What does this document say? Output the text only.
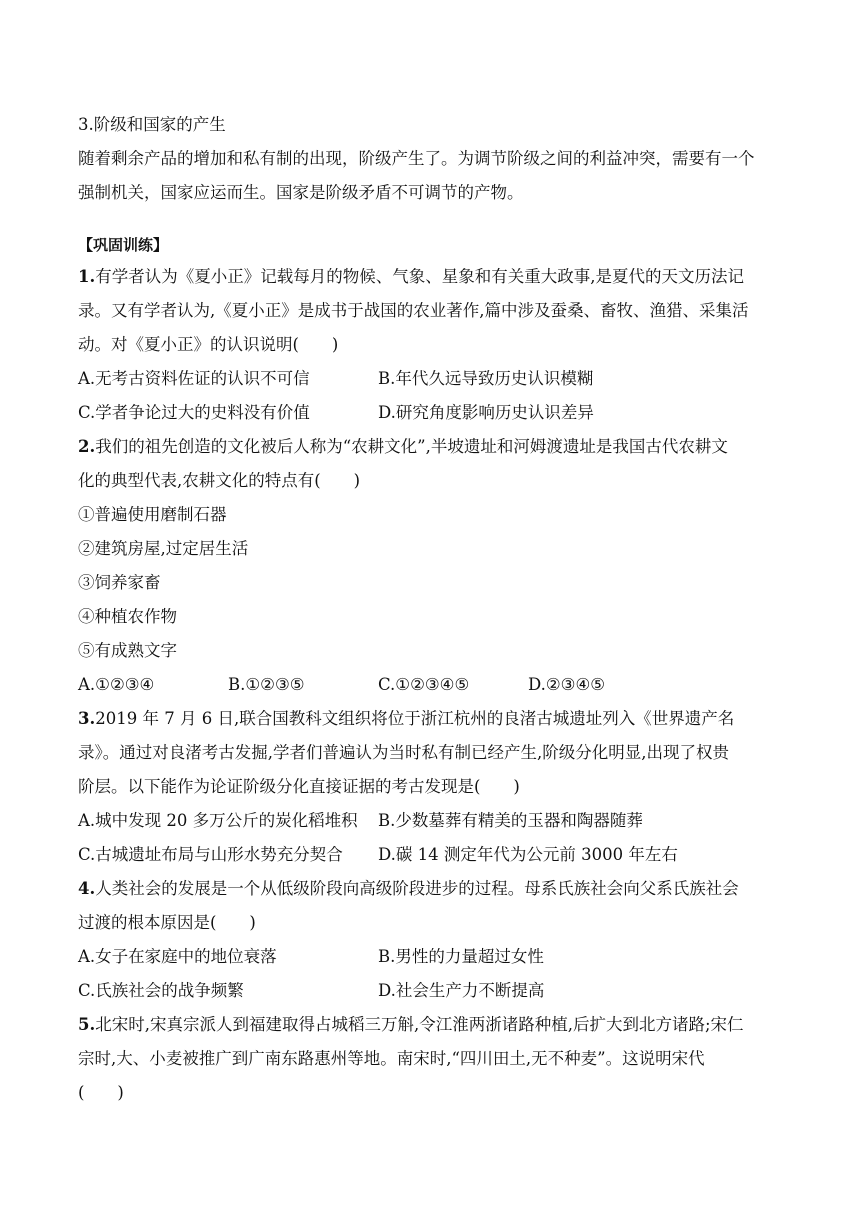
3.阶级和国家的产生
随着剩余产品的增加和私有制的出现，阶级产生了。为调节阶级之间的利益冲突，需要有一个
强制机关，国家应运而生。国家是阶级矛盾不可调节的产物。
【巩固训练】
1.有学者认为《夏小正》记载每月的物候、气象、星象和有关重大政事,是夏代的天文历法记
录。又有学者认为,《夏小正》是成书于战国的农业著作,篇中涉及蚕桑、畜牧、渔猎、采集活
动。对《夏小正》的认识说明(　　)
A.无考古资料佐证的认识不可信	B.年代久远导致历史认识模糊
C.学者争论过大的史料没有价值	D.研究角度影响历史认识差异
2.我们的祖先创造的文化被后人称为“农耕文化”,半坡遗址和河姆渡遗址是我国古代农耕文
化的典型代表,农耕文化的特点有(　　)
①普遍使用磨制石器
②建筑房屋,过定居生活
③饲养家畜
④种植农作物
⑤有成熟文字
A.①②③④	B.①②③⑤	C.①②③④⑤	D.②③④⑤
3.2019 年 7 月 6 日,联合国教科文组织将位于浙江杭州的良渚古城遗址列入《世界遗产名
录》。通过对良渚考古发掘,学者们普遍认为当时私有制已经产生,阶级分化明显,出现了权贵
阶层。以下能作为论证阶级分化直接证据的考古发现是(　　)
A.城中发现 20 多万公斤的炭化稻堆积	B.少数墓葬有精美的玉器和陶器随葬
C.古城遗址布局与山形水势充分契合	D.碳 14 测定年代为公元前 3000 年左右
4.人类社会的发展是一个从低级阶段向高级阶段进步的过程。母系氏族社会向父系氏族社会
过渡的根本原因是(　　)
A.女子在家庭中的地位衰落	B.男性的力量超过女性
C.氏族社会的战争频繁	D.社会生产力不断提高
5.北宋时,宋真宗派人到福建取得占城稻三万斛,令江淮两浙诸路种植,后扩大到北方诸路;宋仁
宗时,大、小麦被推广到广南东路惠州等地。南宋时,“四川田土,无不种麦”。这说明宋代
(　　)
